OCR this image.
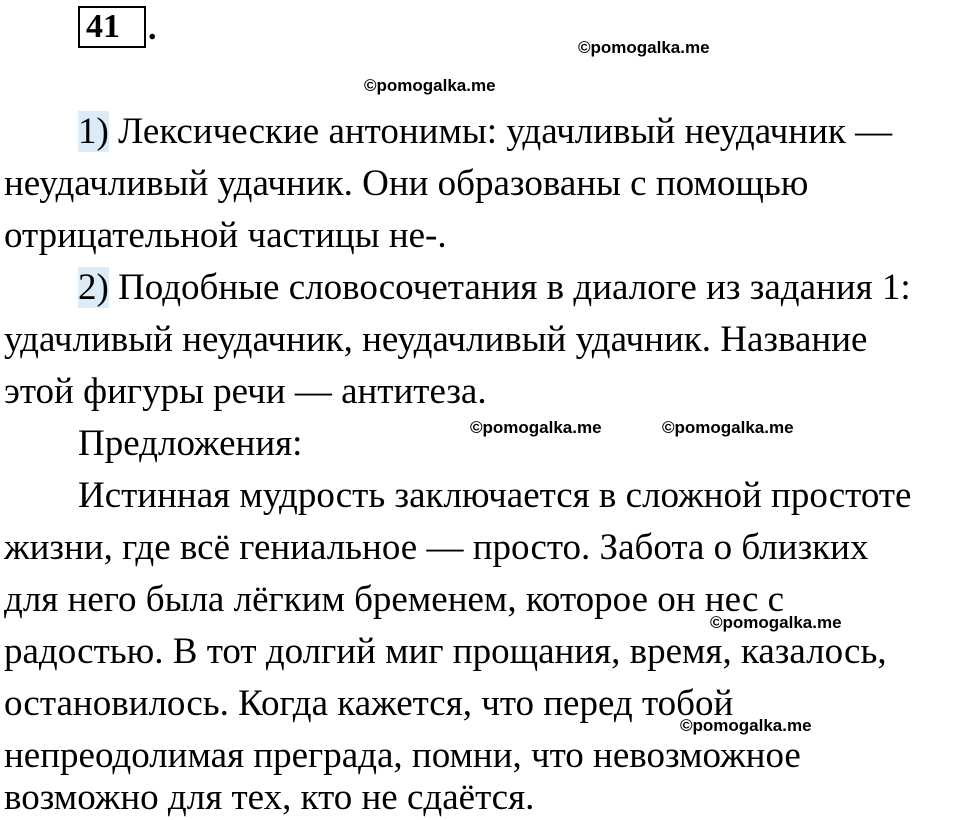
41 .
©pomogalka.me
©pomogalka.me
©pomogalka.me	©pomogalka.me
©pomogalka.me
©pomogalka.me
1) Лексические антонимы: удачливый неудачник —
неудачливый удачник. Они образованы с помощью
отрицательной частицы не-.
2) Подобные словосочетания в диалоге из задания 1:
удачливый неудачник, неудачливый удачник. Название
этой фигуры речи — антитеза.
Предложения:
Истинная мудрость заключается в сложной простоте
жизни, где всё гениальное — просто. Забота о близких
для него была лёгким бременем, которое он нес с
радостью. В тот долгий миг прощания, время, казалось,
остановилось. Когда кажется, что перед тобой
непреодолимая преграда, помни, что невозможное
возможно для тех, кто не сдаётся.
